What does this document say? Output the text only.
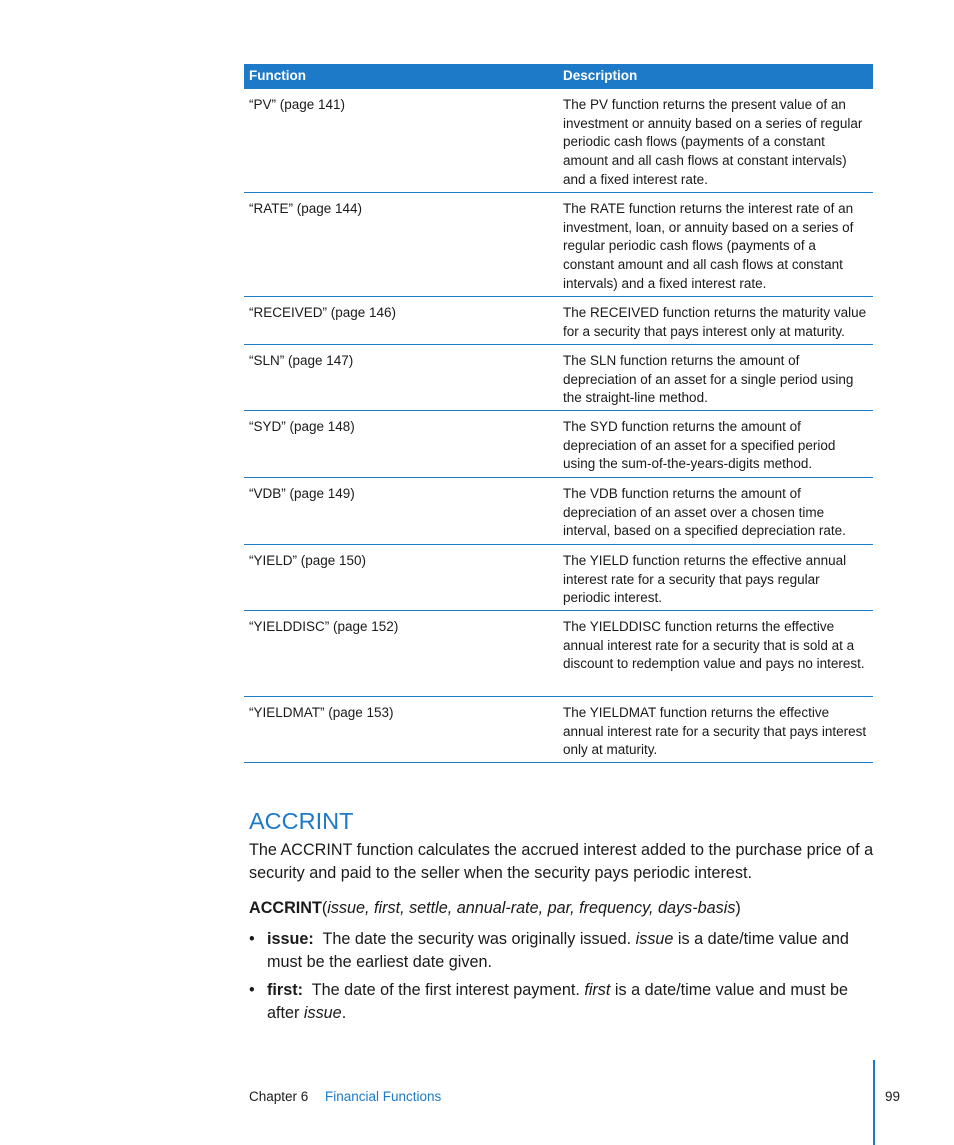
Function	Description
“PV” (page 141)	The PV function returns the present value of an investment or annuity based on a series of regular periodic cash flows (payments of a constant amount and all cash flows at constant intervals) and a fixed interest rate.
“RATE” (page 144)	The RATE function returns the interest rate of an investment, loan, or annuity based on a series of regular periodic cash flows (payments of a constant amount and all cash flows at constant intervals) and a fixed interest rate.
“RECEIVED” (page 146)	The RECEIVED function returns the maturity value for a security that pays interest only at maturity.
“SLN” (page 147)	The SLN function returns the amount of depreciation of an asset for a single period using the straight-line method.
“SYD” (page 148)	The SYD function returns the amount of depreciation of an asset for a specified period using the sum-of-the-years-digits method.
“VDB” (page 149)	The VDB function returns the amount of depreciation of an asset over a chosen time interval, based on a specified depreciation rate.
“YIELD” (page 150)	The YIELD function returns the effective annual interest rate for a security that pays regular periodic interest.
“YIELDDISC” (page 152)	The YIELDDISC function returns the effective annual interest rate for a security that is sold at a discount to redemption value and pays no interest.
“YIELDMAT” (page 153)	The YIELDMAT function returns the effective annual interest rate for a security that pays interest only at maturity.
ACCRINT

The ACCRINT function calculates the accrued interest added to the purchase price of a security and paid to the seller when the security pays periodic interest.

ACCRINT(issue, first, settle, annual-rate, par, frequency, days-basis)

• issue: The date the security was originally issued. issue is a date/time value and must be the earliest date given.
• first: The date of the first interest payment. first is a date/time value and must be after issue.
Chapter 6 Financial Functions	99
